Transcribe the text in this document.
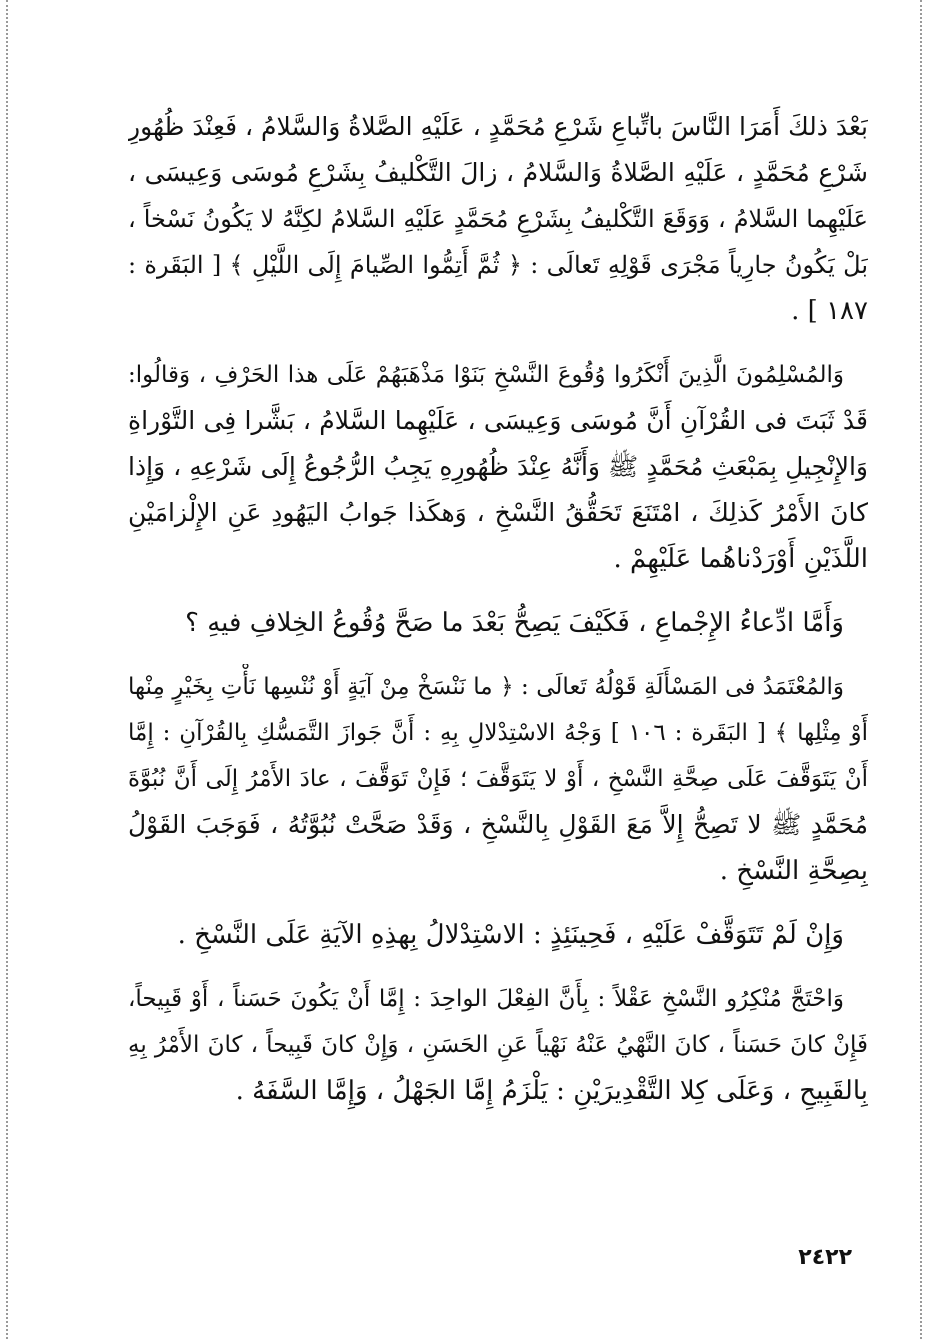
بَعْدَ ذلكَ أَمَرَا النَّاسَ باتِّباعِ شَرْعِ مُحَمَّدٍ ، عَلَيْهِ الصَّلاةُ وَالسَّلامُ ، فَعِنْدَ ظُهُورِ
شَرْعِ مُحَمَّدٍ ، عَلَيْهِ الصَّلاةُ وَالسَّلامُ ، زالَ التَّكْليفُ بِشَرْعِ مُوسَى وَعِيسَى ،
عَلَيْهِما السَّلامُ ، وَوَقَعَ التَّكْليفُ بِشَرْعِ مُحَمَّدٍ عَلَيْهِ السَّلامُ لكِنَّهُ لا يَكُونُ نَسْخاً ،
بَلْ يَكُونُ جارِياً مَجْرَى قَوْلِهِ تَعالَى : ﴿ ثُمَّ أَتِمُّوا الصِّيامَ إِلَى اللَّيْلِ ﴾ [ البَقَرة :
١٨٧ ] .
وَالمُسْلِمُونَ الَّذِينَ أَنْكَرُوا وُقُوعَ النَّسْخِ بَنَوْا مَذْهَبَهُمْ عَلَى هذا الحَرْفِ ، وَقالُوا:
قَدْ ثَبَتَ فى القُرْآنِ أَنَّ مُوسَى وَعِيسَى ، عَلَيْهِما السَّلامُ ، بَشَّرا فِى التَّوْراةِ
وَالإِنْجِيلِ بِمَبْعَثِ مُحَمَّدٍ ﷺ وَأَنَّهُ عِنْدَ ظُهُورِهِ يَجِبُ الرُّجُوعُ إِلَى شَرْعِهِ ، وَإِذا
كانَ الأَمْرُ كَذلِكَ ، امْتَنَعَ تَحَقُّقُ النَّسْخِ ، وَهكَذا جَوابُ اليَهُودِ عَنِ الإِلْزامَيْنِ
اللَّذَيْنِ أَوْرَدْناهُما عَلَيْهِمْ .
وَأَمَّا ادِّعاءُ الإِجْماعِ ، فَكَيْفَ يَصِحُّ بَعْدَ ما صَحَّ وُقُوعُ الخِلافِ فيهِ ؟
وَالمُعْتَمَدُ فى المَسْأَلَةِ قَوْلُهُ تَعالَى : ﴿ ما نَنْسَخْ مِنْ آيَةٍ أَوْ نُنْسِها نَأْتِ بِخَيْرٍ مِنْها
أَوْ مِثْلِها ﴾ [ البَقَرة : ١٠٦ ] وَجْهُ الاسْتِدْلالِ بِهِ : أَنَّ جَوازَ التَّمَسُّكِ بِالقُرْآنِ : إِمَّا
أَنْ يَتَوَقَّفَ عَلَى صِحَّةِ النَّسْخِ ، أَوْ لا يَتَوَقَّفَ ؛ فَإِنْ تَوَقَّفَ ، عادَ الأَمْرُ إِلَى أَنَّ نُبُوَّةَ
مُحَمَّدٍ ﷺ لا تَصِحُّ إِلاَّ مَعَ القَوْلِ بِالنَّسْخِ ، وَقَدْ صَحَّتْ نُبُوَّتُهُ ، فَوَجَبَ القَوْلُ
بِصِحَّةِ النَّسْخِ .
وَإِنْ لَمْ تَتَوَقَّفْ عَلَيْهِ ، فَحِينَئِذٍ : الاسْتِدْلالُ بِهذِهِ الآيَةِ عَلَى النَّسْخِ .
وَاحْتَجَّ مُنْكِرُو النَّسْخِ عَقْلاً : بِأَنَّ الفِعْلَ الواحِدَ : إِمَّا أَنْ يَكُونَ حَسَناً ، أَوْ قَبِيحاً،
فَإِنْ كانَ حَسَناً ، كانَ النَّهْيُ عَنْهُ نَهْياً عَنِ الحَسَنِ ، وَإِنْ كانَ قَبِيحاً ، كانَ الأَمْرُ بِهِ
بِالقَبِيحِ ، وَعَلَى كِلا التَّقْدِيرَيْنِ : يَلْزَمُ إِمَّا الجَهْلُ ، وَإِمَّا السَّفَهُ .
٢٤٢٢
